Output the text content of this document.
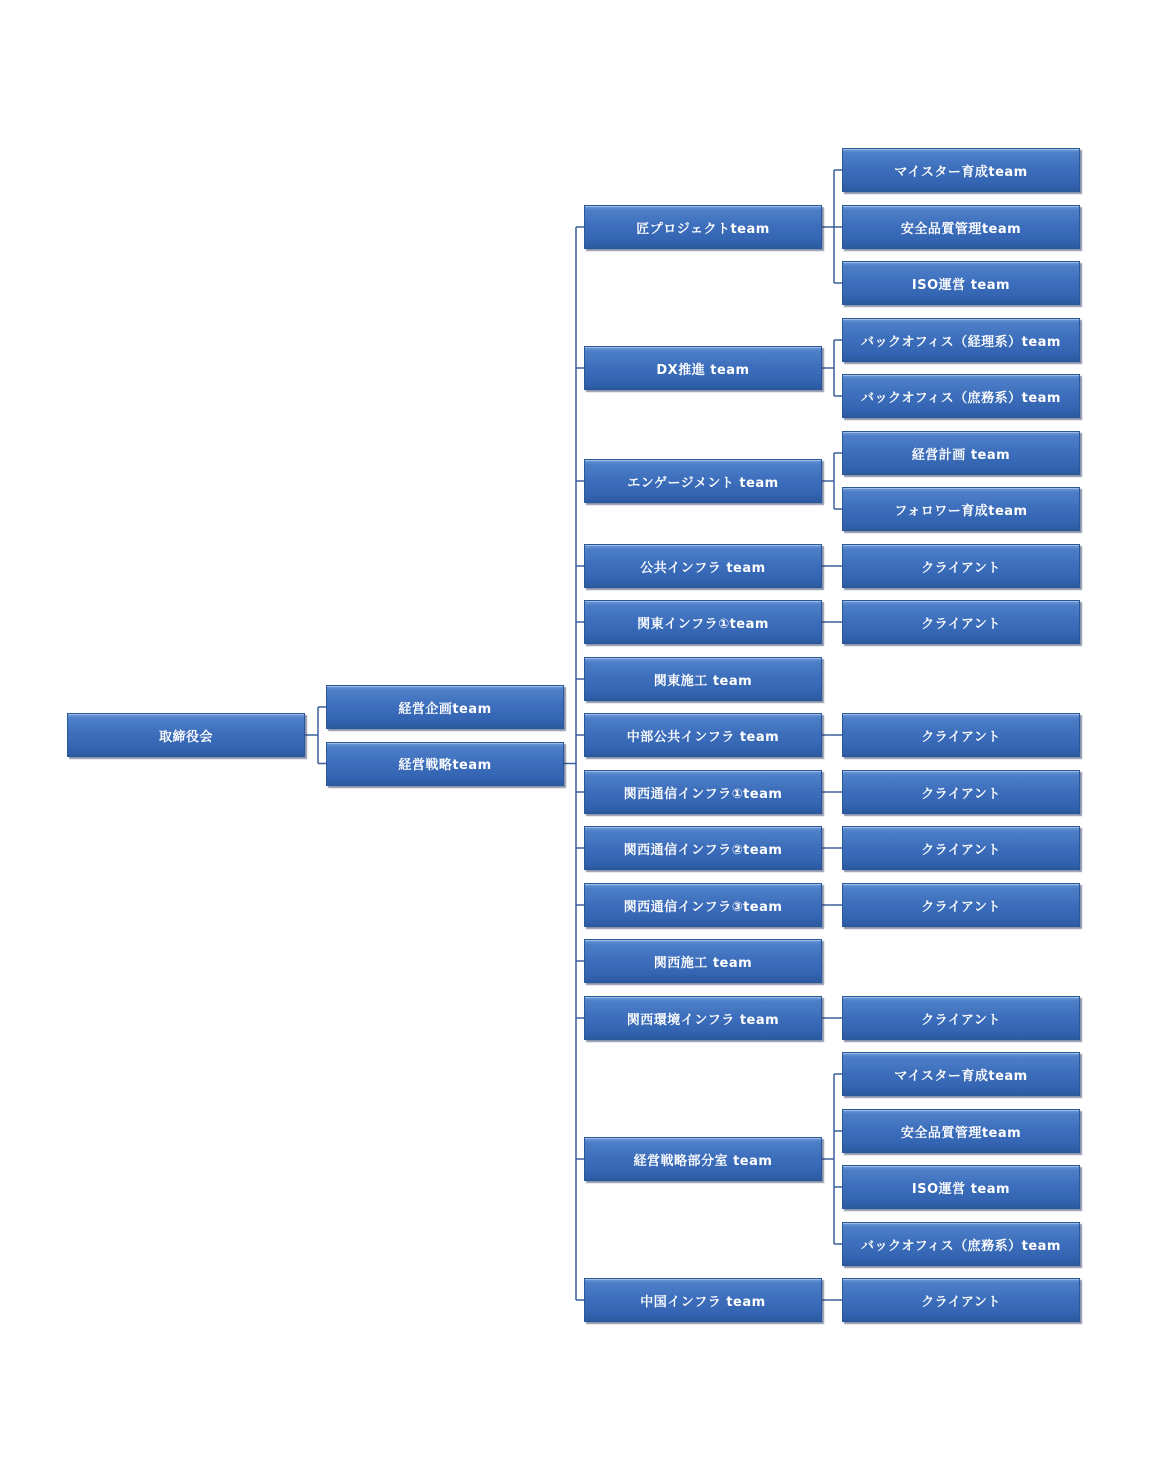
匠プロジェクトteam
マイスター育成team
安全品質管理team
ISO運営 team
DX推進 team
バックオフィス（経理系）team
バックオフィス（庶務系）team
エンゲージメント team
経営計画 team
フォロワー育成team
公共インフラ team	クライアント
関東インフラ①team	クライアント
関東施工 team
中部公共インフラ team	クライアント
関西通信インフラ①team	クライアント
関西通信インフラ②team	クライアント
関西通信インフラ③team	クライアント
関西施工 team
関西環境インフラ team	クライアント
経営戦略部分室 team
マイスター育成team
安全品質管理team
ISO運営 team
バックオフィス（庶務系）team
中国インフラ team	クライアント
取締役会
経営企画team
経営戦略team
